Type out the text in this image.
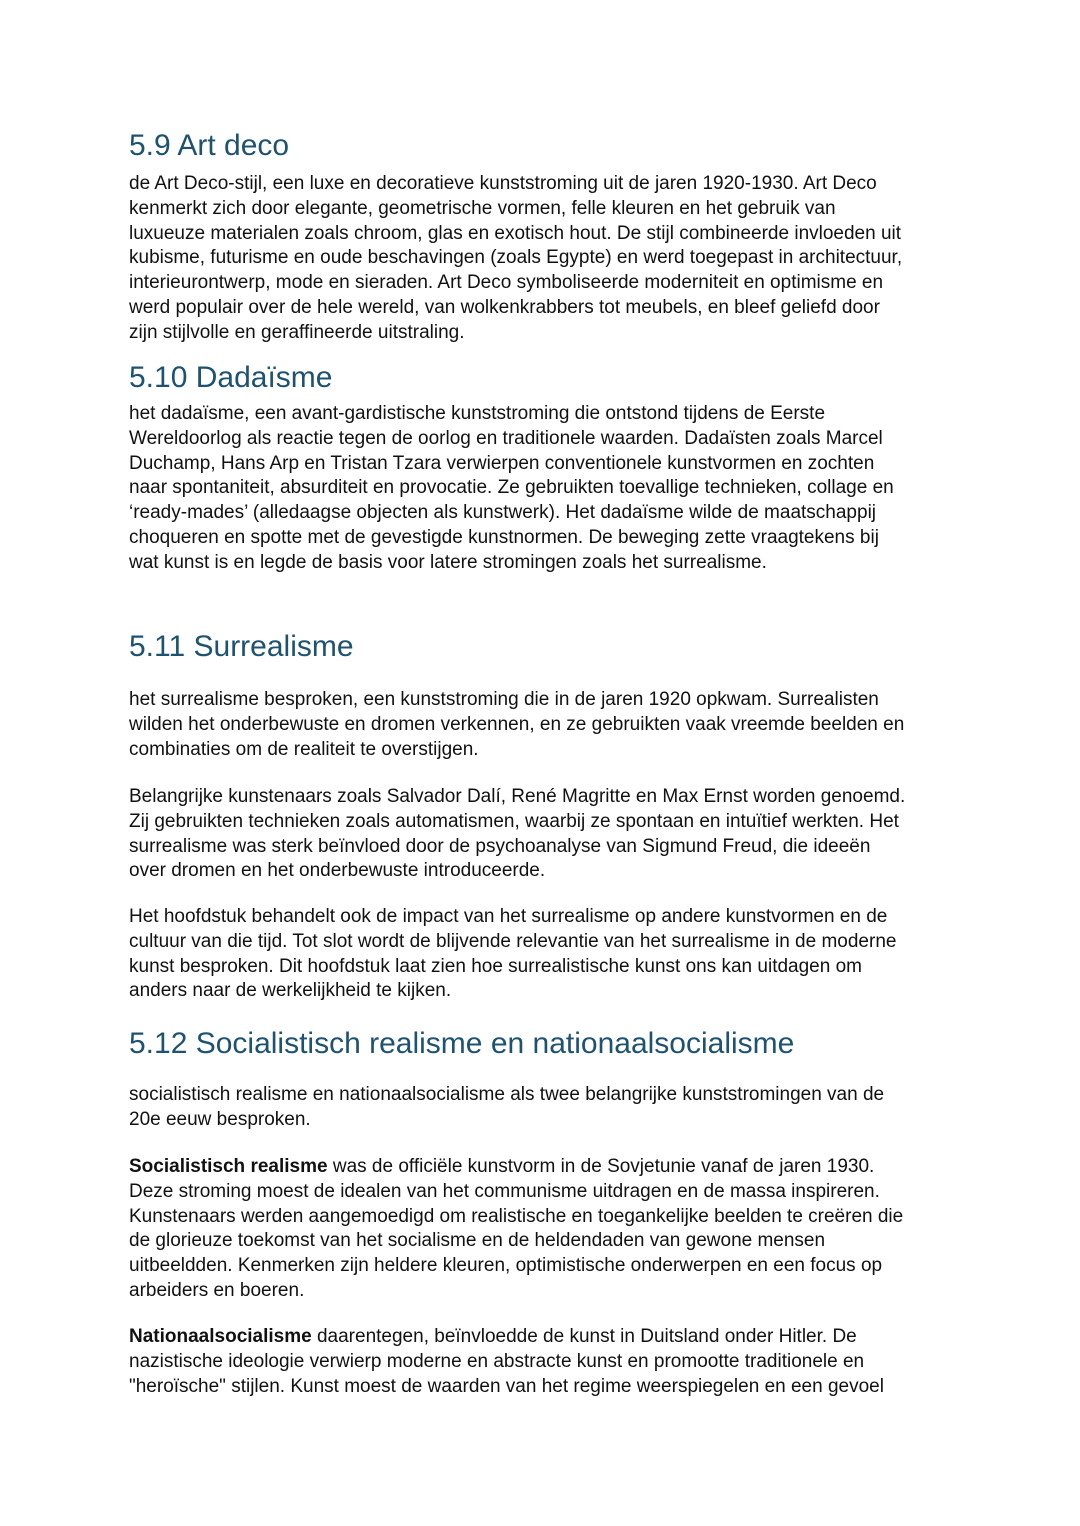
5.9 Art deco
de Art Deco-stijl, een luxe en decoratieve kunststroming uit de jaren 1920-1930. Art Deco
kenmerkt zich door elegante, geometrische vormen, felle kleuren en het gebruik van
luxueuze materialen zoals chroom, glas en exotisch hout. De stijl combineerde invloeden uit
kubisme, futurisme en oude beschavingen (zoals Egypte) en werd toegepast in architectuur,
interieurontwerp, mode en sieraden. Art Deco symboliseerde moderniteit en optimisme en
werd populair over de hele wereld, van wolkenkrabbers tot meubels, en bleef geliefd door
zijn stijlvolle en geraffineerde uitstraling.
5.10 Dadaïsme
het dadaïsme, een avant-gardistische kunststroming die ontstond tijdens de Eerste
Wereldoorlog als reactie tegen de oorlog en traditionele waarden. Dadaïsten zoals Marcel
Duchamp, Hans Arp en Tristan Tzara verwierpen conventionele kunstvormen en zochten
naar spontaniteit, absurditeit en provocatie. Ze gebruikten toevallige technieken, collage en
‘ready-mades’ (alledaagse objecten als kunstwerk). Het dadaïsme wilde de maatschappij
choqueren en spotte met de gevestigde kunstnormen. De beweging zette vraagtekens bij
wat kunst is en legde de basis voor latere stromingen zoals het surrealisme.
5.11 Surrealisme
het surrealisme besproken, een kunststroming die in de jaren 1920 opkwam. Surrealisten
wilden het onderbewuste en dromen verkennen, en ze gebruikten vaak vreemde beelden en
combinaties om de realiteit te overstijgen.
Belangrijke kunstenaars zoals Salvador Dalí, René Magritte en Max Ernst worden genoemd.
Zij gebruikten technieken zoals automatismen, waarbij ze spontaan en intuïtief werkten. Het
surrealisme was sterk beïnvloed door de psychoanalyse van Sigmund Freud, die ideeën
over dromen en het onderbewuste introduceerde.
Het hoofdstuk behandelt ook de impact van het surrealisme op andere kunstvormen en de
cultuur van die tijd. Tot slot wordt de blijvende relevantie van het surrealisme in de moderne
kunst besproken. Dit hoofdstuk laat zien hoe surrealistische kunst ons kan uitdagen om
anders naar de werkelijkheid te kijken.
5.12 Socialistisch realisme en nationaalsocialisme
socialistisch realisme en nationaalsocialisme als twee belangrijke kunststromingen van de
20e eeuw besproken.
Socialistisch realisme was de officiële kunstvorm in de Sovjetunie vanaf de jaren 1930.
Deze stroming moest de idealen van het communisme uitdragen en de massa inspireren.
Kunstenaars werden aangemoedigd om realistische en toegankelijke beelden te creëren die
de glorieuze toekomst van het socialisme en de heldendaden van gewone mensen
uitbeeldden. Kenmerken zijn heldere kleuren, optimistische onderwerpen en een focus op
arbeiders en boeren.
Nationaalsocialisme daarentegen, beïnvloedde de kunst in Duitsland onder Hitler. De
nazistische ideologie verwierp moderne en abstracte kunst en promootte traditionele en
"heroïsche" stijlen. Kunst moest de waarden van het regime weerspiegelen en een gevoel
